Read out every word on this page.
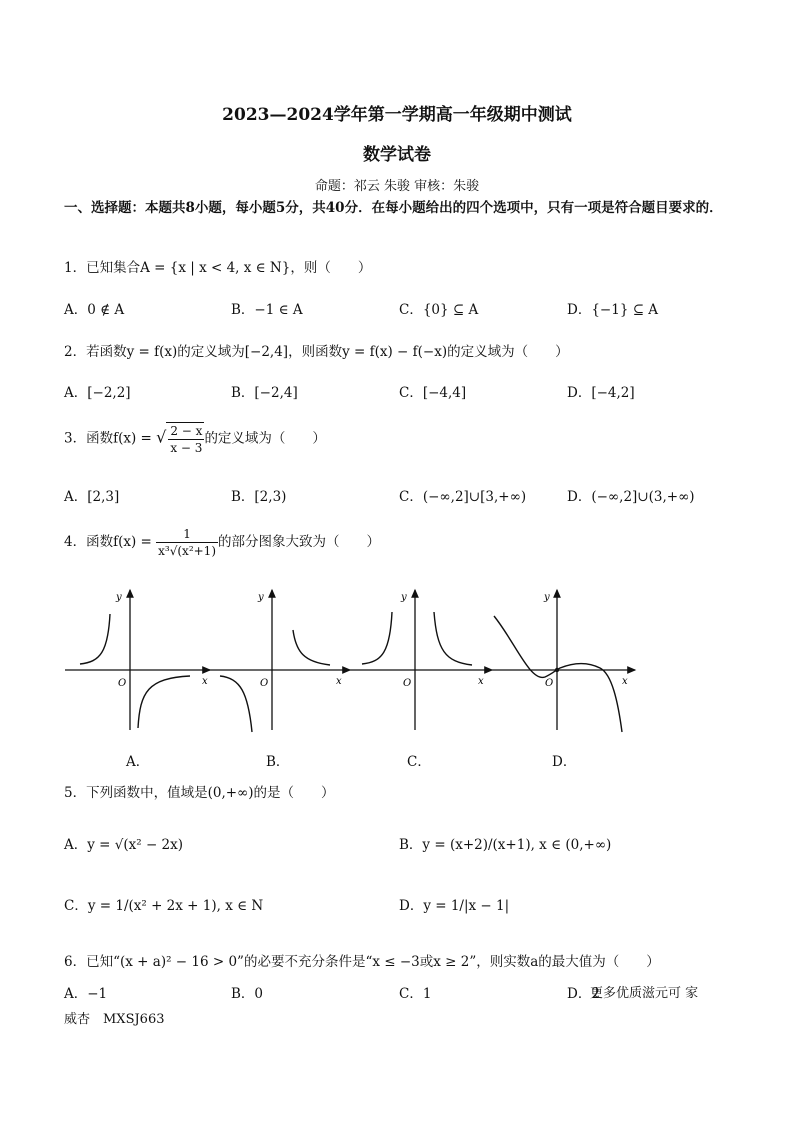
2023—2024学年第一学期高一年级期中测试
数学试卷
命题：祁云 朱骏 审核：朱骏
一、选择题：本题共8小题，每小题5分，共40分．在每小题给出的四个选项中，只有一项是符合题目要求的．
1．已知集合A = {x | x < 4, x ∈ N}，则（　　）
A．0 ∉ A	B．−1 ∈ A	C．{0} ⊆ A	D．{−1} ⊆ A
2．若函数y = f(x)的定义域为[−2,4]，则函数y = f(x) − f(−x)的定义域为（　　）
A．[−2,2]	B．[−2,4]	C．[−4,4]	D．[−4,2]
3．函数f(x) = √ $\frac{2 - x}{x - 3}$ 的定义域为（　　）
A．[2,3]	B．[2,3)	C．(−∞,2]∪[3,+∞)	D．(−∞,2]∪(3,+∞)
4．函数$f(x) = \frac{1}{\text{x³√(x²+1)}}$ 的部分图象大致为（　　）
y
x
O
y
x
O
y
x
O
y
x
O
A．	B．	C．	D．
5．下列函数中，值域是(0,+∞)的是（　　）
A．y = √(x² − 2x)	B．y = (x+2)/(x+1), x ∈ (0,+∞)
C．y = 1/(x² + 2x + 1), x ∈ N	D．y = 1/|x − 1|
6．已知“(x + a)² − 16 > 0”的必要不充分条件是“x ≤ −3或x ≥ 2”，则实数a的最大值为（　　）
A．−1	B．0	C．1	D．2
更多优质滋元可 家
威杏　MXSJ663
